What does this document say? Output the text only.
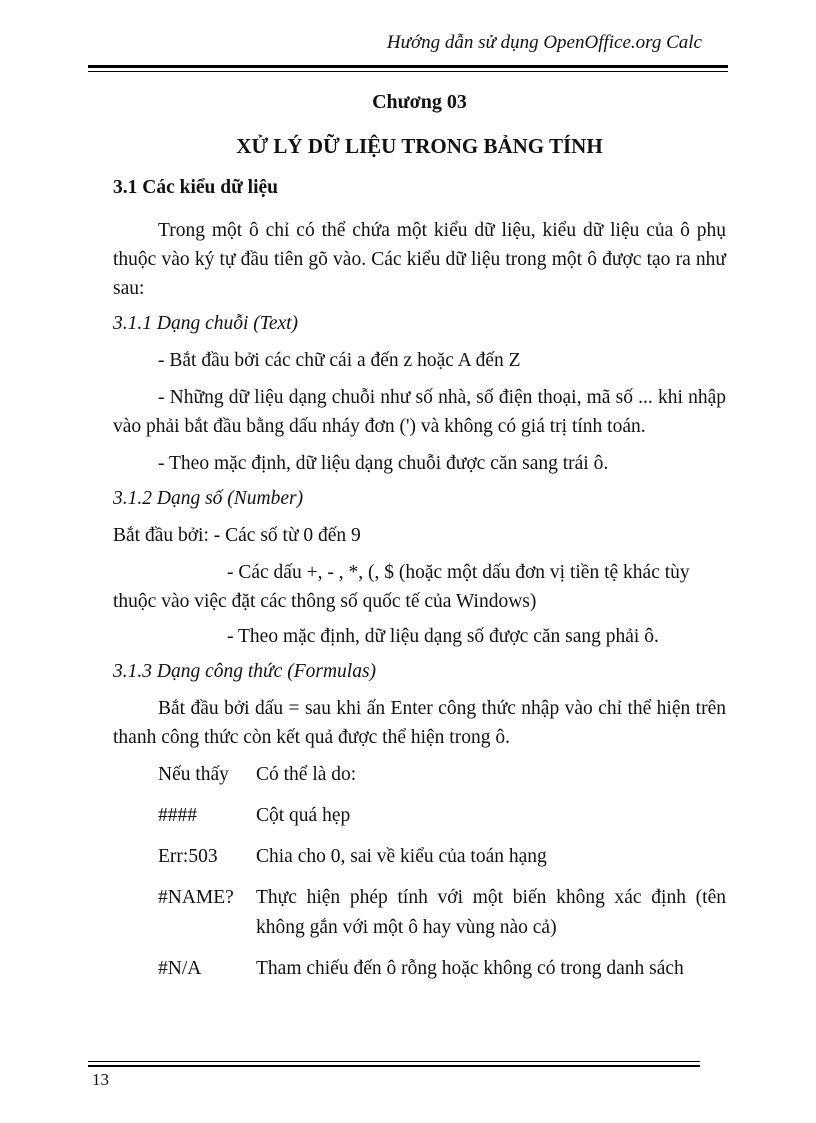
Hướng dẫn sử dụng OpenOffice.org Calc
Chương 03
XỬ LÝ DỮ LIỆU TRONG BẢNG TÍNH
3.1 Các kiểu dữ liệu

Trong một ô chỉ có thể chứa một kiểu dữ liệu, kiểu dữ liệu của ô phụ thuộc vào ký tự đầu tiên gõ vào. Các kiểu dữ liệu trong một ô được tạo ra như sau:

3.1.1 Dạng chuỗi (Text)

- Bắt đầu bởi các chữ cái a đến z hoặc A đến Z

- Những dữ liệu dạng chuỗi như số nhà, số điện thoại, mã số ... khi nhập vào phải bắt đầu bằng dấu nháy đơn (') và không có giá trị tính toán.

- Theo mặc định, dữ liệu dạng chuỗi được căn sang trái ô.

3.1.2 Dạng số (Number)

Bắt đầu bởi: - Các số từ 0 đến 9

- Các dấu +, - , *, (, $ (hoặc một dấu đơn vị tiền tệ khác tùy
thuộc vào việc đặt các thông số quốc tế của Windows)

- Theo mặc định, dữ liệu dạng số được căn sang phải ô.

3.1.3 Dạng công thức (Formulas)

Bắt đầu bởi dấu = sau khi ấn Enter công thức nhập vào chỉ thể hiện trên thanh công thức còn kết quả được thể hiện trong ô.

Nếu thấy	Có thể là do:
####	Cột quá hẹp
Err:503	Chia cho 0, sai về kiểu của toán hạng
#NAME?	Thực hiện phép tính với một biến không xác định (tên không gắn với một ô hay vùng nào cả)
#N/A	Tham chiếu đến ô rỗng hoặc không có trong danh sách
13
